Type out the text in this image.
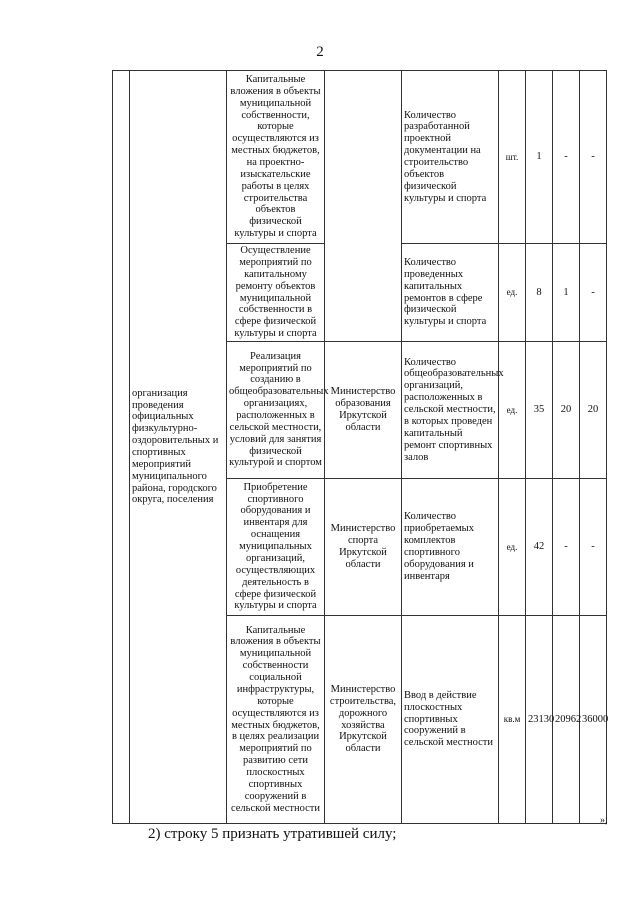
2
	организация проведения официальных физкультурно-оздоровительных и спортивных мероприятий муниципального района, городского округа, поселения	Капитальные вложения в объекты муниципальной собственности, которые осуществляются из местных бюджетов, на проектно-изыскательские работы в целях строительства объектов физической культуры и спорта		Количество разработанной проектной документации на строительство объектов физической культуры и спорта	шт.	1	-	-
		Осуществление мероприятий по капитальному ремонту объектов муниципальной собственности в сфере физической культуры и спорта		Количество проведенных капитальных ремонтов в сфере физической культуры и спорта	ед.	8	1	-
		Реализация мероприятий по созданию в общеобразовательных организациях, расположенных в сельской местности, условий для занятия физической культурой и спортом	Министерство образования Иркутской области	Количество общеобразовательных организаций, расположенных в сельской местности, в которых проведен капитальный ремонт спортивных залов	ед.	35	20	20
		Приобретение спортивного оборудования и инвентаря для оснащения муниципальных организаций, осуществляющих деятельность в сфере физической культуры и спорта	Министерство спорта Иркутской области	Количество приобретаемых комплектов спортивного оборудования и инвентаря	ед.	42	-	-
		Капитальные вложения в объекты муниципальной собственности социальной инфраструктуры, которые осуществляются из местных бюджетов, в целях реализации мероприятий по развитию сети плоскостных спортивных сооружений в сельской местности	Министерство строительства, дорожного хозяйства Иркутской области	Ввод в действие плоскостных спортивных сооружений в сельской местности	кв.м	23130	20962	36000
»;
2) строку 5 признать утратившей силу;
